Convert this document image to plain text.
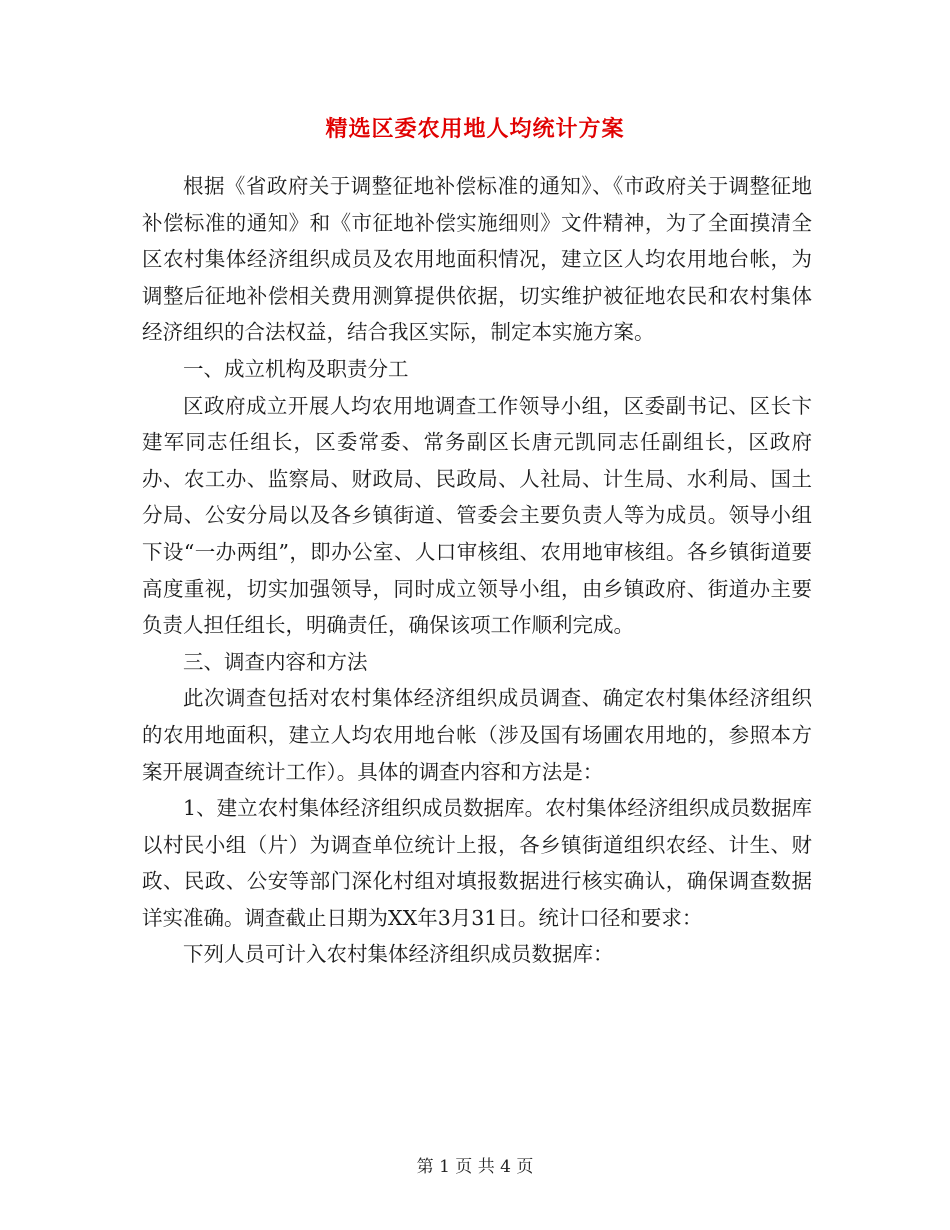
精选区委农用地人均统计方案

根据《省政府关于调整征地补偿标准的通知》、《市政府关于调整征地补偿标准的通知》和《市征地补偿实施细则》文件精神，为了全面摸清全区农村集体经济组织成员及农用地面积情况，建立区人均农用地台帐，为调整后征地补偿相关费用测算提供依据，切实维护被征地农民和农村集体经济组织的合法权益，结合我区实际，制定本实施方案。

一、成立机构及职责分工

区政府成立开展人均农用地调查工作领导小组，区委副书记、区长卞建军同志任组长，区委常委、常务副区长唐元凯同志任副组长，区政府办、农工办、监察局、财政局、民政局、人社局、计生局、水利局、国土分局、公安分局以及各乡镇街道、管委会主要负责人等为成员。领导小组下设“一办两组”，即办公室、人口审核组、农用地审核组。各乡镇街道要高度重视，切实加强领导，同时成立领导小组，由乡镇政府、街道办主要负责人担任组长，明确责任，确保该项工作顺利完成。

三、调查内容和方法

此次调查包括对农村集体经济组织成员调查、确定农村集体经济组织的农用地面积，建立人均农用地台帐（涉及国有场圃农用地的，参照本方案开展调查统计工作）。具体的调查内容和方法是：

1、建立农村集体经济组织成员数据库。农村集体经济组织成员数据库以村民小组（片）为调查单位统计上报，各乡镇街道组织农经、计生、财政、民政、公安等部门深化村组对填报数据进行核实确认，确保调查数据详实准确。调查截止日期为XX年3月31日。统计口径和要求：

下列人员可计入农村集体经济组织成员数据库：

第 1 页 共 4 页
